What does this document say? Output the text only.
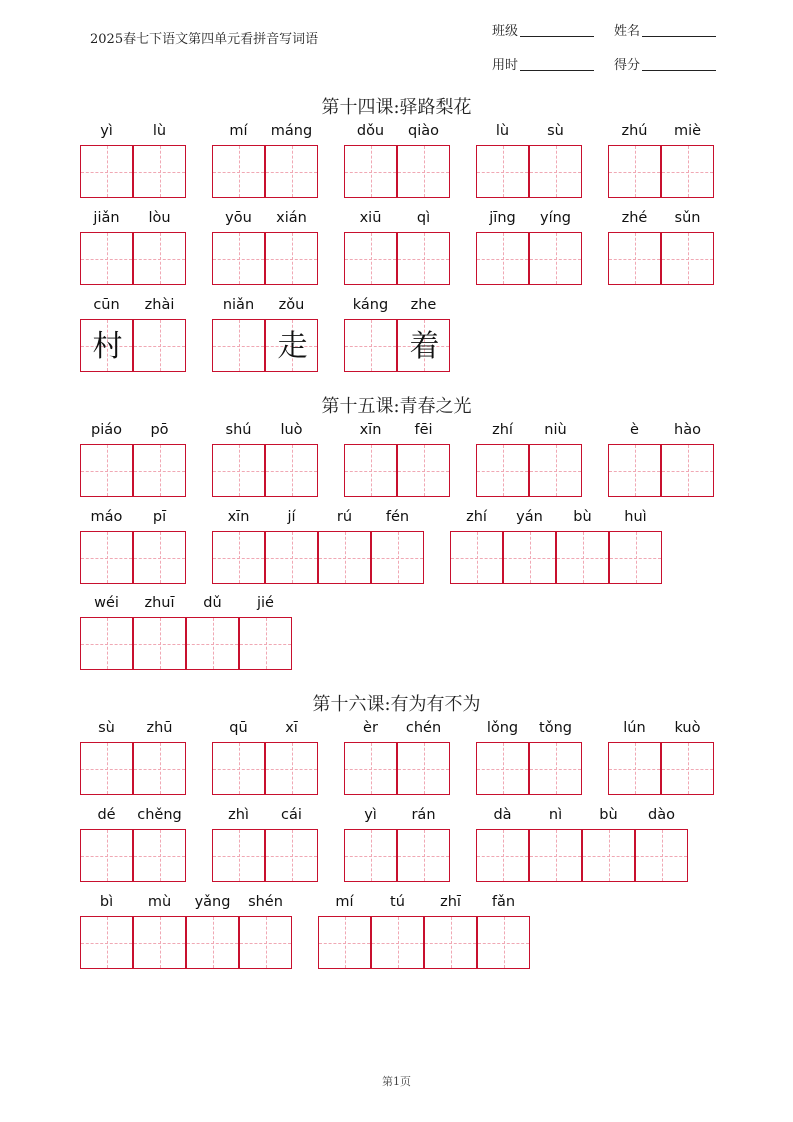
2025春七下语文第四单元看拼音写词语
班级	姓名
用时	得分
第十四课:驿路梨花
第十五课:青春之光
第十六课:有为有不为
yì	lù	mí	máng	dǒu	qiào	lù	sù	zhú	miè
jiǎn	lòu	yōu	xián	xiū	qì	jīng	yíng	zhé	sǔn
cūn
村
zhài	niǎn	zǒu
走
káng	zhe
着
piáo	pō	shú	luò	xīn	fēi	zhí	niù	è	hào
máo	pī	xīn	jí	rú	fén	zhí	yán	bù	huì
wéi	zhuī	dǔ	jié
sù	zhū	qū	xī	èr	chén	lǒng	tǒng	lún	kuò
dé	chěng	zhì	cái	yì	rán	dà	nì	bù	dào
bì	mù	yǎng	shén	mí	tú	zhī	fǎn
第1页
